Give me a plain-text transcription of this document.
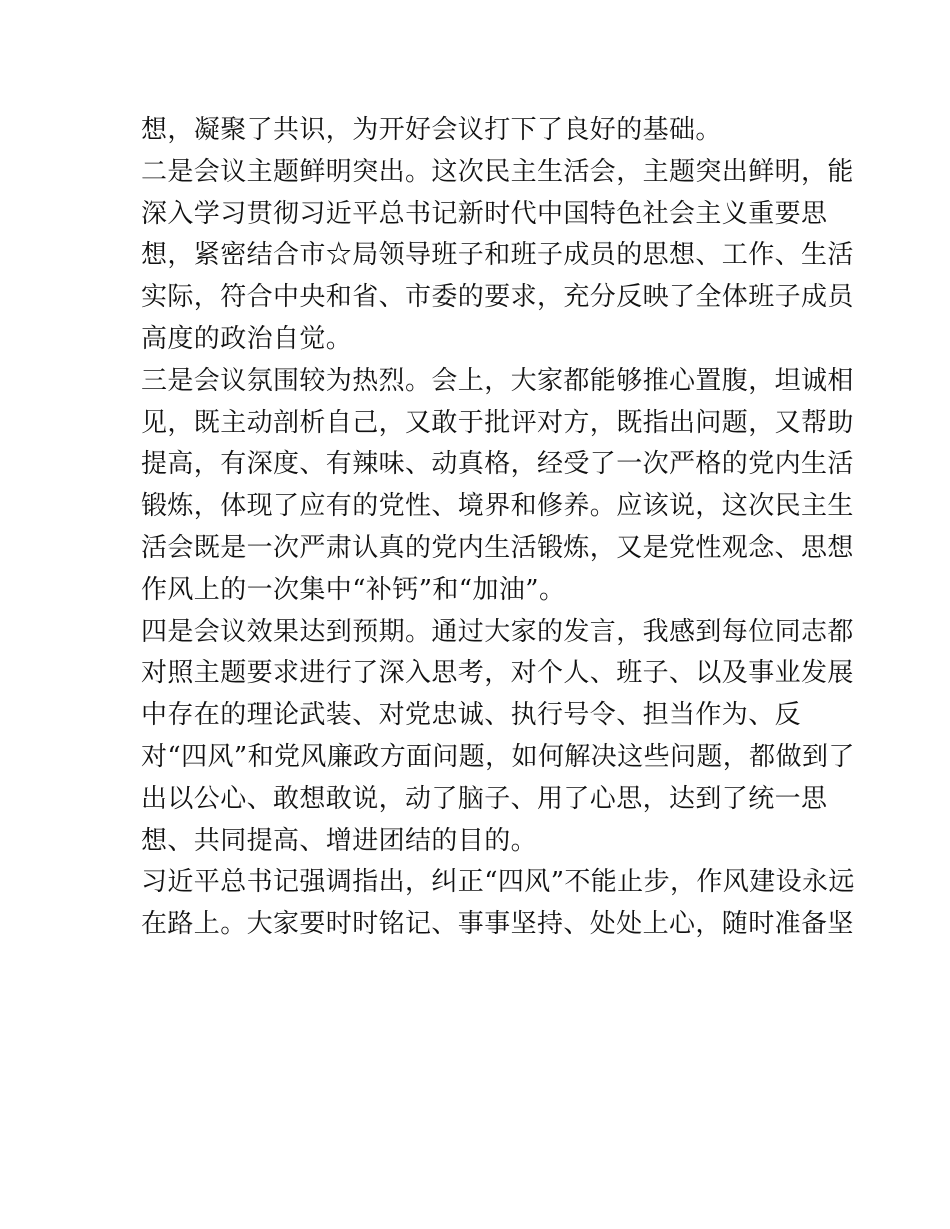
想，凝聚了共识，为开好会议打下了良好的基础。
二是会议主题鲜明突出。这次民主生活会，主题突出鲜明，能
深入学习贯彻习近平总书记新时代中国特色社会主义重要思
想，紧密结合市☆局领导班子和班子成员的思想、工作、生活
实际，符合中央和省、市委的要求，充分反映了全体班子成员
高度的政治自觉。
三是会议氛围较为热烈。会上，大家都能够推心置腹，坦诚相
见，既主动剖析自己，又敢于批评对方，既指出问题，又帮助
提高，有深度、有辣味、动真格，经受了一次严格的党内生活
锻炼，体现了应有的党性、境界和修养。应该说，这次民主生
活会既是一次严肃认真的党内生活锻炼，又是党性观念、思想
作风上的一次集中“补钙”和“加油”。
四是会议效果达到预期。通过大家的发言，我感到每位同志都
对照主题要求进行了深入思考，对个人、班子、以及事业发展
中存在的理论武装、对党忠诚、执行号令、担当作为、反
对“四风”和党风廉政方面问题，如何解决这些问题，都做到了
出以公心、敢想敢说，动了脑子、用了心思，达到了统一思
想、共同提高、增进团结的目的。
习近平总书记强调指出，纠正“四风”不能止步，作风建设永远
在路上。大家要时时铭记、事事坚持、处处上心，随时准备坚
